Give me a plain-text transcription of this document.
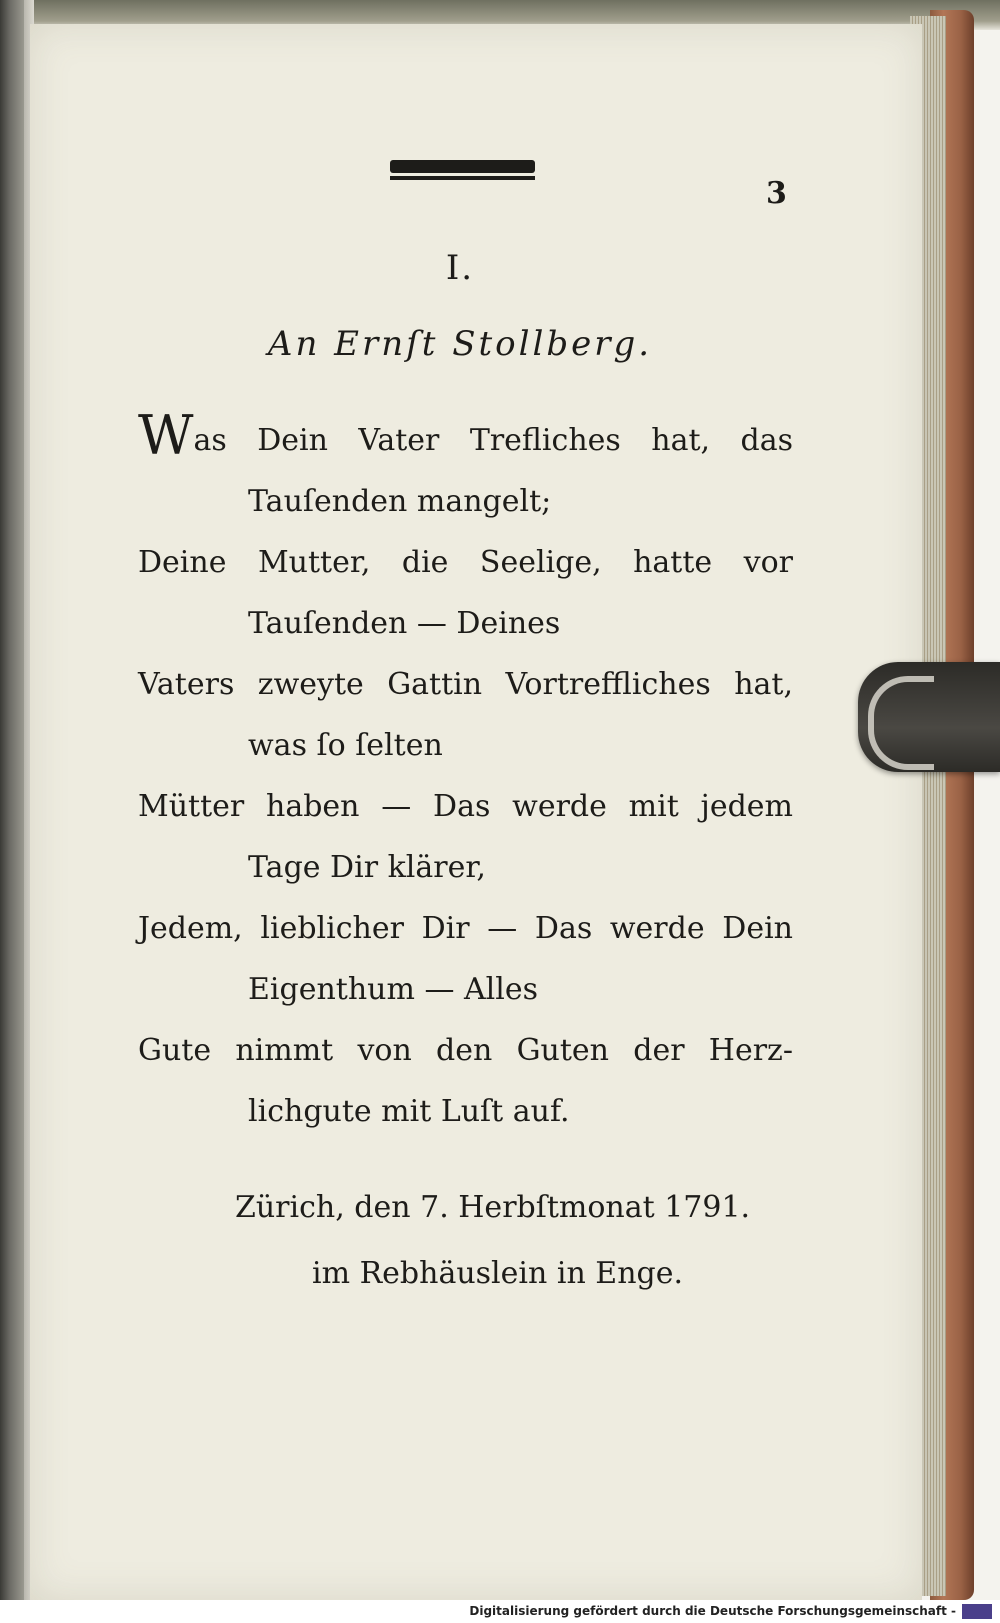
3
I.
An Ernſt Stollberg.
Was Dein Vater Trefliches hat, das
Tauſenden mangelt;
Deine Mutter, die Seelige, hatte vor
Tauſenden — Deines
Vaters zweyte Gattin Vortreffliches hat,
was ſo ſelten
Mütter haben — Das werde mit jedem
Tage Dir klärer,
Jedem, lieblicher Dir — Das werde Dein
Eigenthum — Alles
Gute nimmt von den Guten der Herz-
lichgute mit Luſt auf.
Zürich, den 7. Herbſtmonat 1791.
im Rebhäuslein in Enge.
Digitalisierung gefördert durch die Deutsche Forschungsgemeinschaft -
